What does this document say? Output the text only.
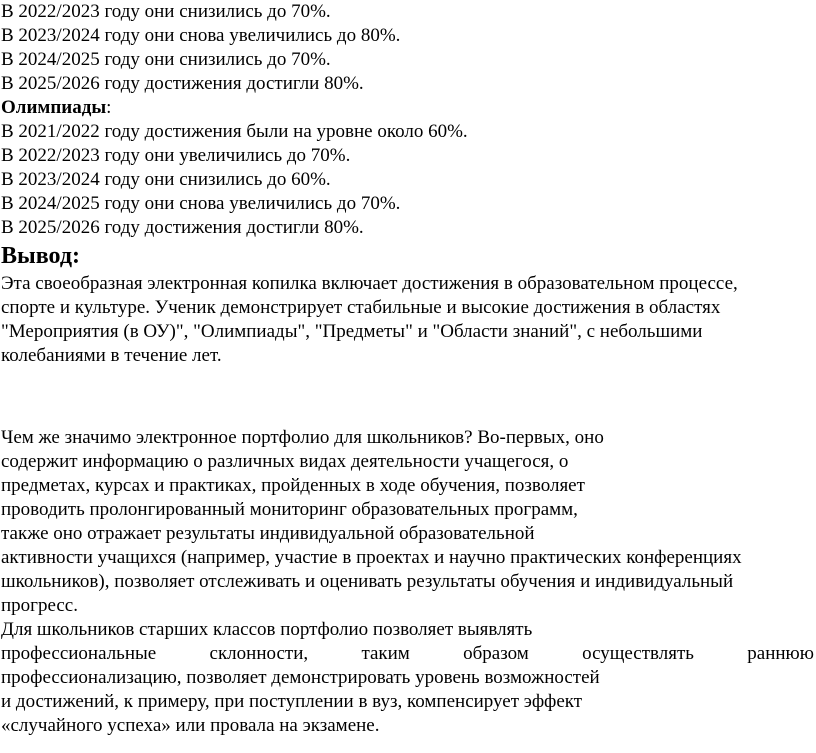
В 2022/2023 году они снизились до 70%.
В 2023/2024 году они снова увеличились до 80%.
В 2024/2025 году они снизились до 70%.
В 2025/2026 году достижения достигли 80%.
Олимпиады:
В 2021/2022 году достижения были на уровне около 60%.
В 2022/2023 году они увеличились до 70%.
В 2023/2024 году они снизились до 60%.
В 2024/2025 году они снова увеличились до 70%.
В 2025/2026 году достижения достигли 80%.
Вывод:
Эта своеобразная электронная копилка включает достижения в образовательном процессе,
спорте и культуре. Ученик демонстрирует стабильные и высокие достижения в областях
"Мероприятия (в ОУ)", "Олимпиады", "Предметы" и "Области знаний", с небольшими
колебаниями в течение лет.
Чем же значимо электронное портфолио для школьников? Во-первых, оно
содержит информацию о различных видах деятельности учащегося, о
предметах, курсах и практиках, пройденных в ходе обучения, позволяет
проводить пролонгированный мониторинг образовательных программ,
также оно отражает результаты индивидуальной образовательной
активности учащихся (например, участие в проектах и научно практических конференциях
школьников), позволяет отслеживать и оценивать результаты обучения и индивидуальный
прогресс.
Для школьников старших классов портфолио позволяет выявлять
профессиональные	склонности,	таким	образом	осуществлять	раннюю
профессионализацию, позволяет демонстрировать уровень возможностей
и достижений, к примеру, при поступлении в вуз, компенсирует эффект
«случайного успеха» или провала на экзамене.
